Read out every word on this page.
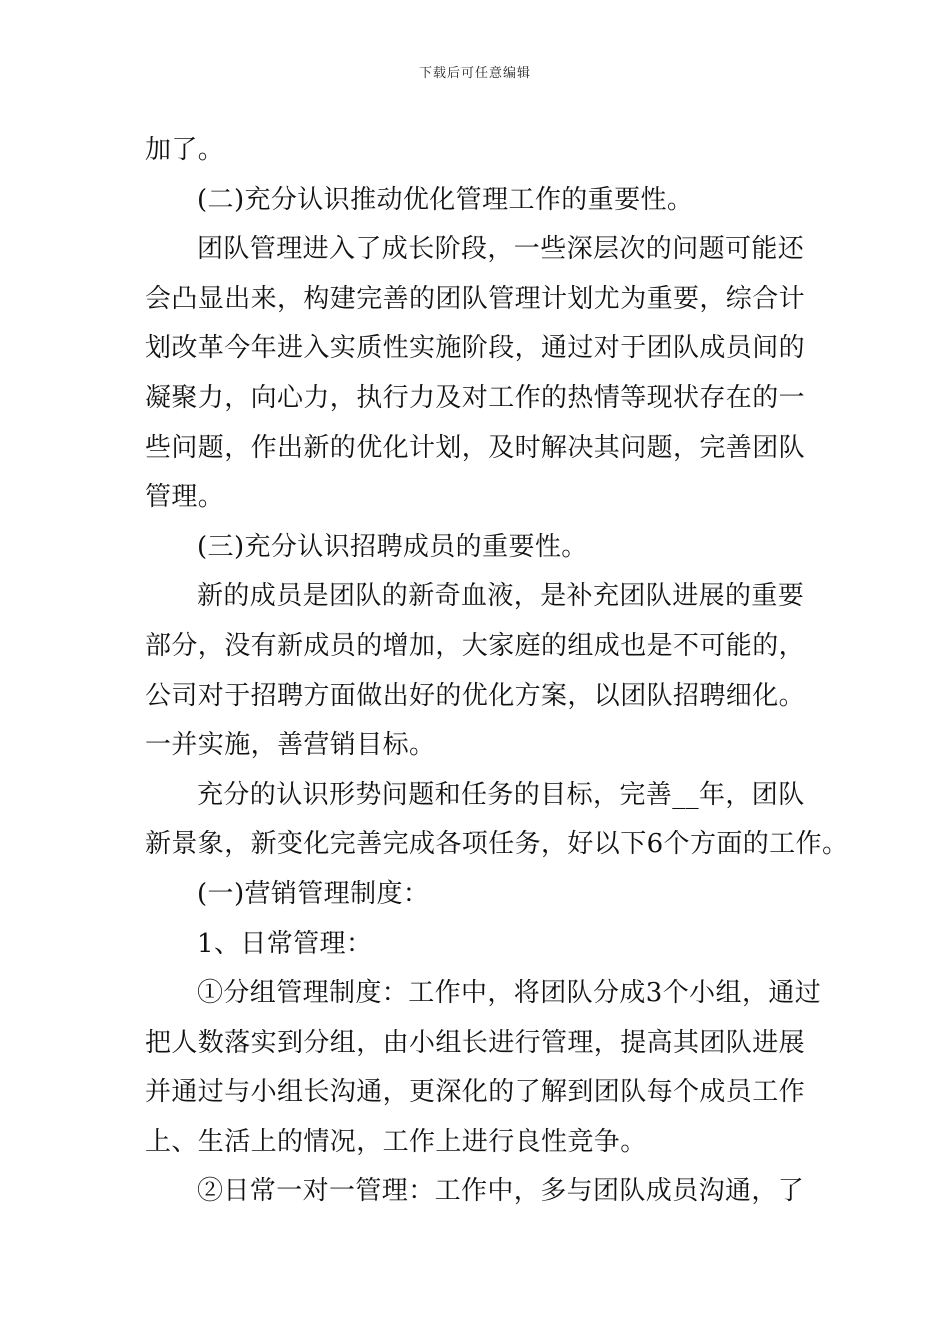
下载后可任意编辑
加了。
(二)充分认识推动优化管理工作的重要性。
团队管理进入了成长阶段，一些深层次的问题可能还
会凸显出来，构建完善的团队管理计划尤为重要，综合计
划改革今年进入实质性实施阶段，通过对于团队成员间的
凝聚力，向心力，执行力及对工作的热情等现状存在的一
些问题，作出新的优化计划，及时解决其问题，完善团队
管理。
(三)充分认识招聘成员的重要性。
新的成员是团队的新奇血液，是补充团队进展的重要
部分，没有新成员的增加，大家庭的组成也是不可能的，
公司对于招聘方面做出好的优化方案，以团队招聘细化。
一并实施，善营销目标。
充分的认识形势问题和任务的目标，完善__年，团队
新景象，新变化完善完成各项任务，好以下6个方面的工作。
(一)营销管理制度：
1、日常管理：
①分组管理制度：工作中，将团队分成3个小组，通过
把人数落实到分组，由小组长进行管理，提高其团队进展
并通过与小组长沟通，更深化的了解到团队每个成员工作
上、生活上的情况，工作上进行良性竞争。
②日常一对一管理：工作中，多与团队成员沟通，了
